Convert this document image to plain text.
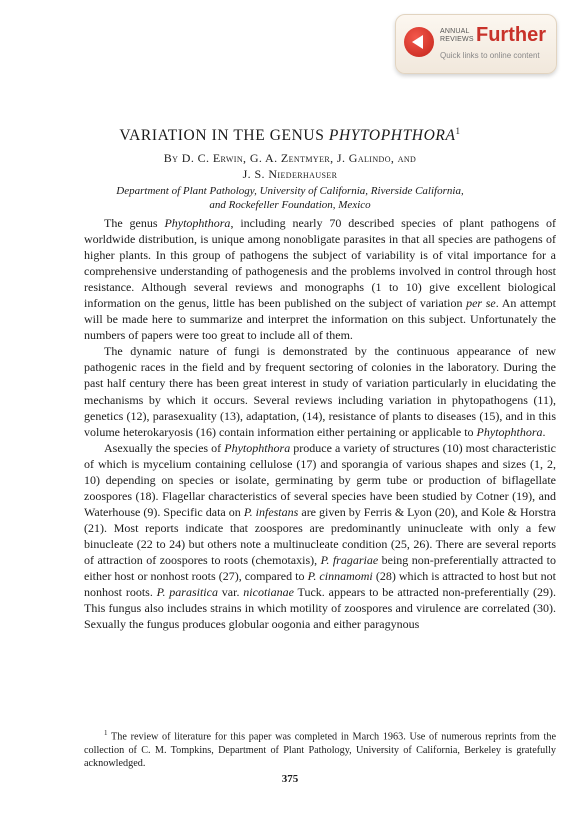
ANNUAL REVIEWS Further
Quick links to online content
VARIATION IN THE GENUS PHYTOPHTHORA$^1$
By D. C. Erwin, G. A. Zentmyer, J. Galindo, and
J. S. Niederhauser
Department of Plant Pathology, University of California, Riverside California,
and Rockefeller Foundation, Mexico

The genus Phytophthora, including nearly 70 described species of plant pathogens of worldwide distribution, is unique among nonobligate parasites in that all species are pathogens of higher plants. In this group of pathogens the subject of variability is of vital importance for a comprehensive understanding of pathogenesis and the problems involved in control through host resistance. Although several reviews and monographs (1 to 10) give excellent biological information on the genus, little has been published on the subject of variation per se. An attempt will be made here to summarize and interpret the information on this subject. Unfortunately the numbers of papers were too great to include all of them.

The dynamic nature of fungi is demonstrated by the continuous appearance of new pathogenic races in the field and by frequent sectoring of colonies in the laboratory. During the past half century there has been great interest in study of variation particularly in elucidating the mechanisms by which it occurs. Several reviews including variation in phytopathogens (11), genetics (12), parasexuality (13), adaptation, (14), resistance of plants to diseases (15), and in this volume heterokaryosis (16) contain information either pertaining or applicable to Phytophthora.

Asexually the species of Phytophthora produce a variety of structures (10) most characteristic of which is mycelium containing cellulose (17) and sporangia of various shapes and sizes (1, 2, 10) depending on species or isolate, germinating by germ tube or production of biflagellate zoospores (18). Flagellar characteristics of several species have been studied by Cotner (19), and Waterhouse (9). Specific data on P. infestans are given by Ferris & Lyon (20), and Kole & Horstra (21). Most reports indicate that zoospores are predominantly uninucleate with only a few binucleate (22 to 24) but others note a multinucleate condition (25, 26). There are several reports of attraction of zoospores to roots (chemotaxis), P. fragariae being non-preferentially attracted to either host or nonhost roots (27), compared to P. cinnamomi (28) which is attracted to host but not nonhost roots. P. parasitica var. nicotianae Tuck. appears to be attracted non-preferentially (29). This fungus also includes strains in which motility of zoospores and virulence are correlated (30). Sexually the fungus produces globular oogonia and either paragynous

$^1$ The review of literature for this paper was completed in March 1963. Use of numerous reprints from the collection of C. M. Tompkins, Department of Plant Pathology, University of California, Berkeley is gratefully acknowledged.
375
